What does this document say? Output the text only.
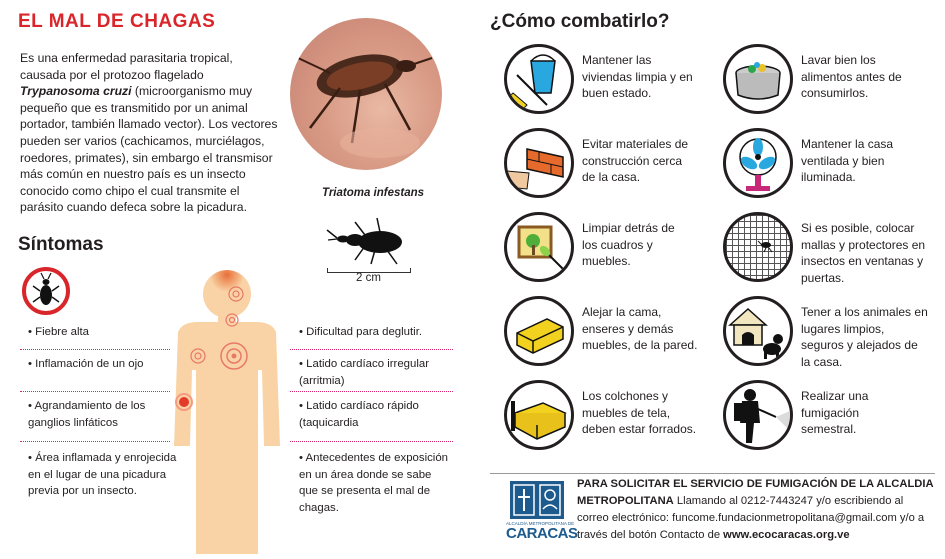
EL MAL DE CHAGAS
Es una enfermedad parasitaria tropical, causada por el protozoo flagelado Trypanosoma cruzi (microorganismo muy pequeño que es transmitido por un animal portador, también llamado vector). Los vectores pueden ser varios (cachicamos, murciélagos, roedores, primates), sin embargo el transmisor más común en nuestro país es un insecto conocido como chipo el cual transmite el parásito cuando defeca sobre la picadura.
Triatoma infestans
2 cm
Síntomas
• Fiebre alta
• Inflamación de un ojo
• Agrandamiento de los ganglios linfáticos
• Área inflamada y enrojecida en el lugar de una picadura previa por un insecto.
• Dificultad para deglutir.
• Latido cardíaco irregular (arritmia)
• Latido cardíaco rápido (taquicardia
• Antecedentes de exposición en un área donde se sabe que se presenta el mal de chagas.
¿Cómo combatirlo?
Mantener las viviendas limpia y en buen estado.
Lavar bien los alimentos antes de consumirlos.
Evitar materiales de construcción cerca de la casa.
Mantener la casa ventilada y bien iluminada.
Limpiar detrás de los cuadros y muebles.
Si es posible, colocar mallas y protectores en insectos en ventanas y puertas.
Alejar la cama, enseres y demás muebles, de la pared.
Tener a los animales en lugares limpios, seguros y alejados de la casa.
Los colchones y muebles de tela, deben estar forrados.
Realizar una fumigación semestral.
ALCALDÍA METROPOLITANA DE
CARACAS
PARA SOLICITAR EL SERVICIO DE FUMIGACIÓN DE LA ALCALDIA METROPOLITANA Llamando al 0212-7443247 y/o escribiendo al correo electrónico: funcome.fundacionmetropolitana@gmail.com y/o a través del botón Contacto de www.ecocaracas.org.ve
